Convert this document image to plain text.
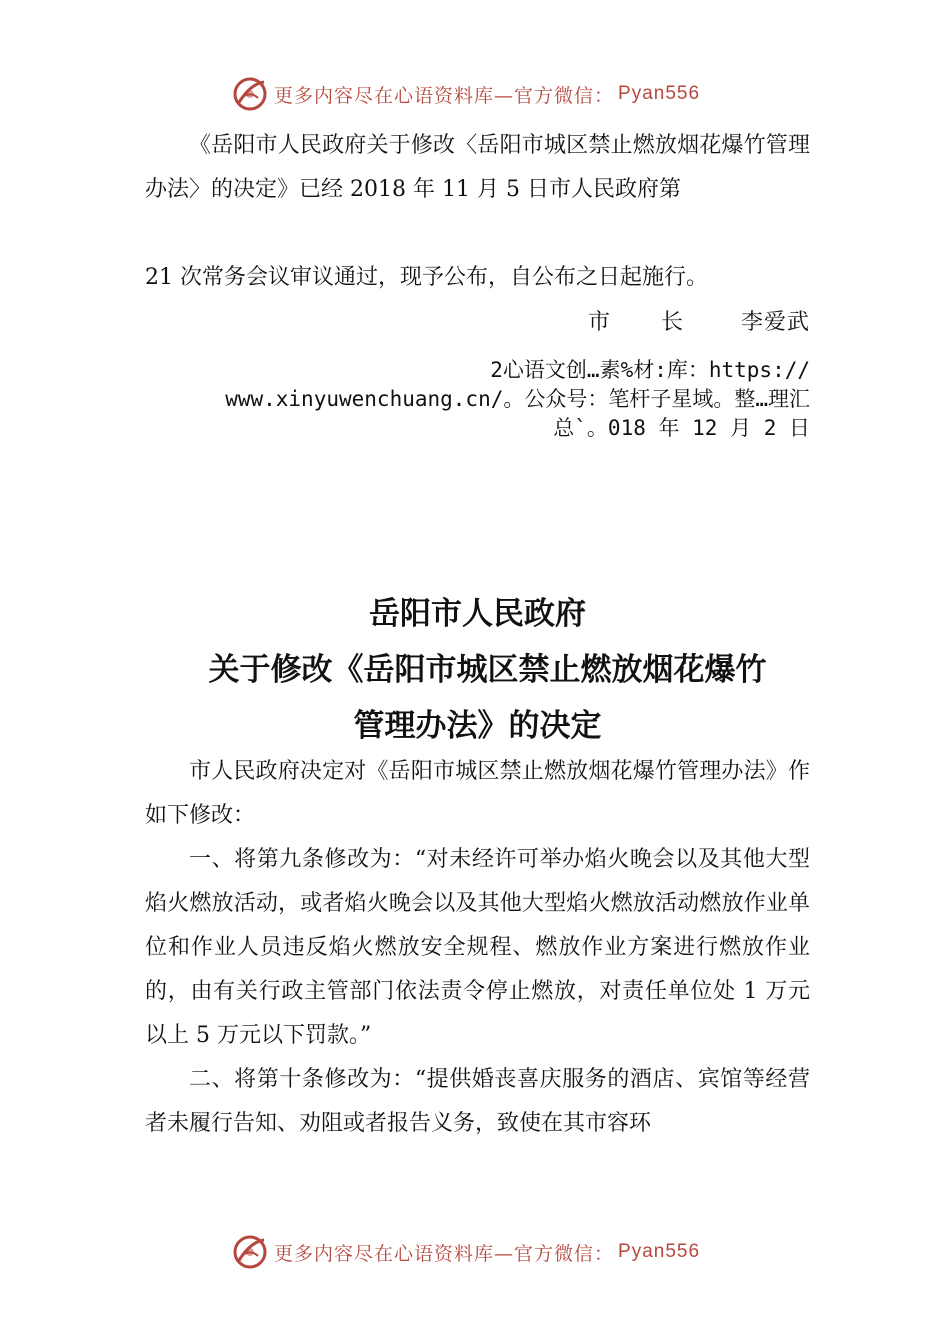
更多内容尽在心语资料库—官方微信： Pyan556

《岳阳市人民政府关于修改〈岳阳市城区禁止燃放烟花爆竹管理办法〉的决定》已经 2018 年 11 月 5 日市人民政府第

21 次常务会议审议通过，现予公布，自公布之日起施行。

市 长 李爱武
2心语文创…素%材:库：https://
www.xinyuwenchuang.cn/。公众号：笔杆子星域。整…理汇
总`。018 年 12 月 2 日
岳阳市人民政府
关于修改《岳阳市城区禁止燃放烟花爆竹
管理办法》的决定

市人民政府决定对《岳阳市城区禁止燃放烟花爆竹管理办法》作如下修改：

一、将第九条修改为：“对未经许可举办焰火晚会以及其他大型焰火燃放活动，或者焰火晚会以及其他大型焰火燃放活动燃放作业单位和作业人员违反焰火燃放安全规程、燃放作业方案进行燃放作业的，由有关行政主管部门依法责令停止燃放，对责任单位处 1 万元以上 5 万元以下罚款。”

二、将第十条修改为：“提供婚丧喜庆服务的酒店、宾馆等经营者未履行告知、劝阻或者报告义务，致使在其市容环

更多内容尽在心语资料库—官方微信： Pyan556
